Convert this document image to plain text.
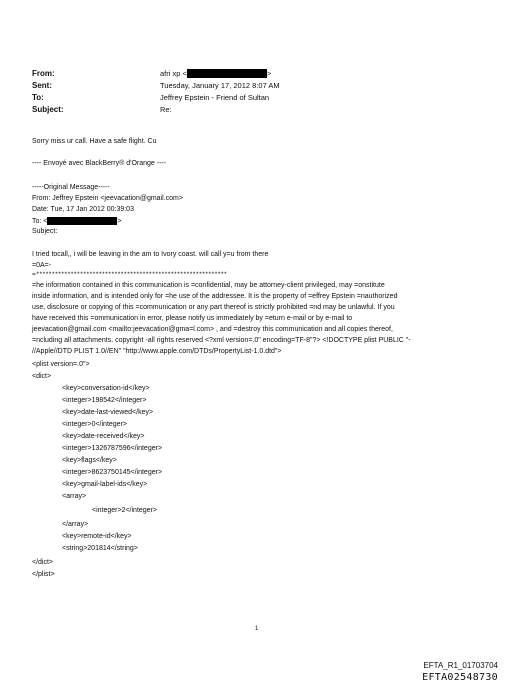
From:	afri xp <	>
Sent:	Tuesday, January 17, 2012 8:07 AM
To:	Jeffrey Epstein - Friend of Sultan
Subject:	Re:
Sorry miss ur call. Have a safe flight. Cu
---- Envoyé avec BlackBerry® d'Orange ----
-----Original Message-----
From: Jeffrey Epstein <jeevacation@gmail.com>
Date: Tue, 17 Jan 2012 00:39:03
To: <	>
Subject:
I tried tocall,, i will be leaving in the am to Ivory coast. will call y=u from there
=0A=-
=*************************************************************
=he information contained in this communication is =confidential, may be attorney-client privileged, may =onstitute
inside information, and is intended only for =he use of the addressee. It is the property of =effrey Epstein =nauthorized
use, disclosure or copying of this =communication or any part thereof is strictly prohibited =nd may be unlawful. If you
have received this =ommunication in error, please notify us immediately by =eturn e-mail or by e-mail to
jeevacation@gmail.com <mailto:jeevacation@gma=l.com> , and =destroy this communication and all copies thereof,
=ncluding all attachments. copyright -all rights reserved <?xml version=.0" encoding=TF-8"?> <!DOCTYPE plist PUBLIC "-
//Apple//DTD PLIST 1.0//EN" "http://www.apple.com/DTDs/PropertyList-1.0.dtd">
<plist version=.0">
<dict>
<key>conversation-id</key>
<integer>198542</integer>
<key>date-last-viewed</key>
<integer>0</integer>
<key>date-received</key>
<integer>1326787596</integer>
<key>flags</key>
<integer>8623750145</integer>
<key>gmail-label-ids</key>
<array>
<integer>2</integer>
</array>
<key>remote-id</key>
<string>201814</string>
</dict>
</plist>
1
EFTA_R1_01703704
EFTA02548730
